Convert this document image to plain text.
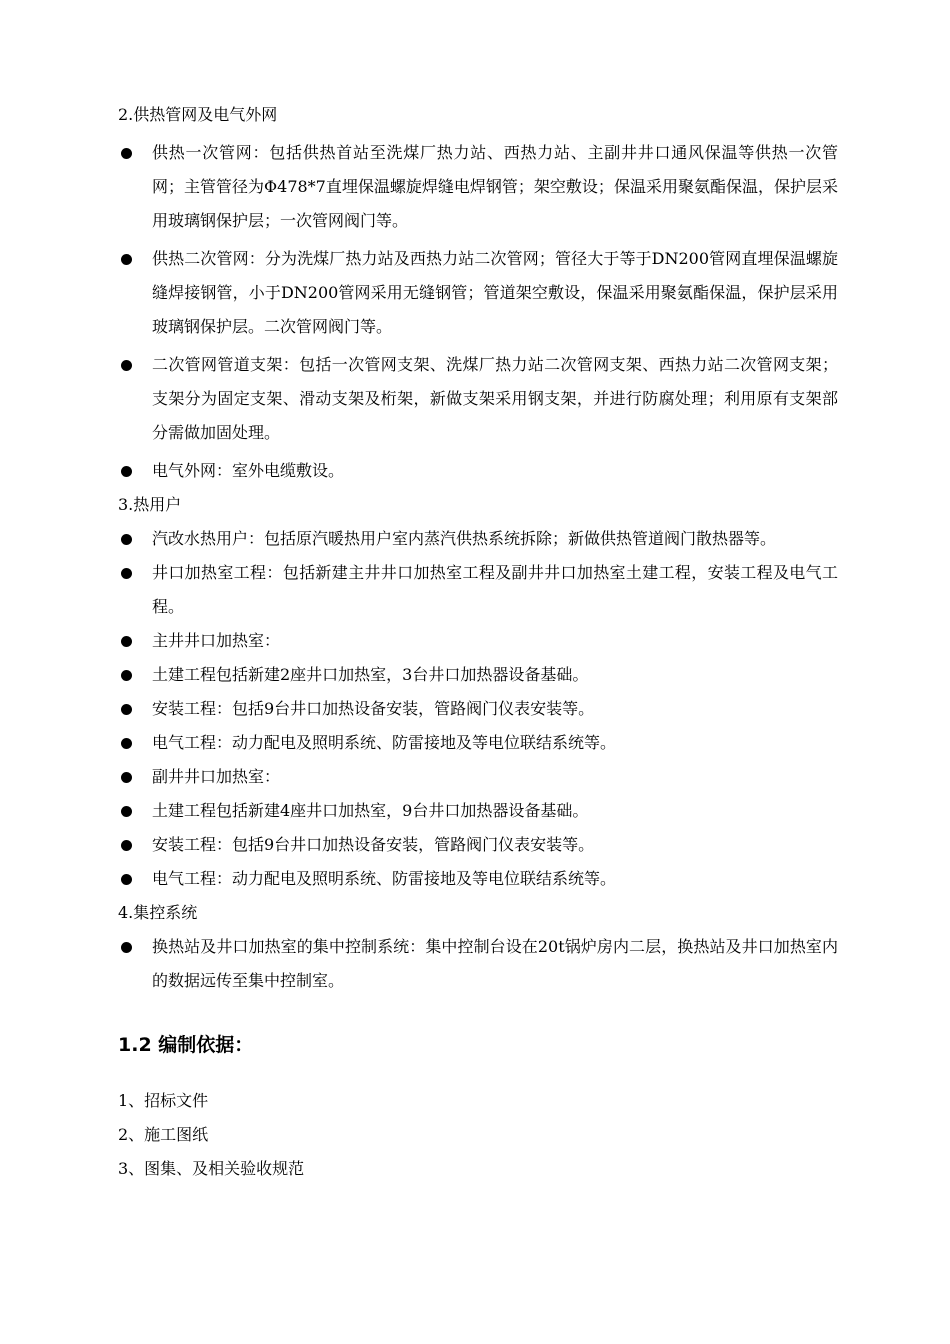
2.供热管网及电气外网

供热一次管网：包括供热首站至洗煤厂热力站、西热力站、主副井井口通风保温等供热一次管网；主管管径为Φ478*7直埋保温螺旋焊缝电焊钢管；架空敷设；保温采用聚氨酯保温，保护层采用玻璃钢保护层；一次管网阀门等。
供热二次管网：分为洗煤厂热力站及西热力站二次管网；管径大于等于DN200管网直埋保温螺旋缝焊接钢管，小于DN200管网采用无缝钢管；管道架空敷设，保温采用聚氨酯保温，保护层采用玻璃钢保护层。二次管网阀门等。
二次管网管道支架：包括一次管网支架、洗煤厂热力站二次管网支架、西热力站二次管网支架；支架分为固定支架、滑动支架及桁架，新做支架采用钢支架，并进行防腐处理；利用原有支架部分需做加固处理。
电气外网：室外电缆敷设。

3.热用户

汽改水热用户：包括原汽暖热用户室内蒸汽供热系统拆除；新做供热管道阀门散热器等。
井口加热室工程：包括新建主井井口加热室工程及副井井口加热室土建工程，安装工程及电气工程。
主井井口加热室：
土建工程包括新建2座井口加热室，3台井口加热器设备基础。
安装工程：包括9台井口加热设备安装，管路阀门仪表安装等。
电气工程：动力配电及照明系统、防雷接地及等电位联结系统等。
副井井口加热室：
土建工程包括新建4座井口加热室，9台井口加热器设备基础。
安装工程：包括9台井口加热设备安装，管路阀门仪表安装等。
电气工程：动力配电及照明系统、防雷接地及等电位联结系统等。

4.集控系统

换热站及井口加热室的集中控制系统：集中控制台设在20t锅炉房内二层，换热站及井口加热室内的数据远传至集中控制室。

1.2 编制依据：

1、招标文件

2、施工图纸

3、图集、及相关验收规范
